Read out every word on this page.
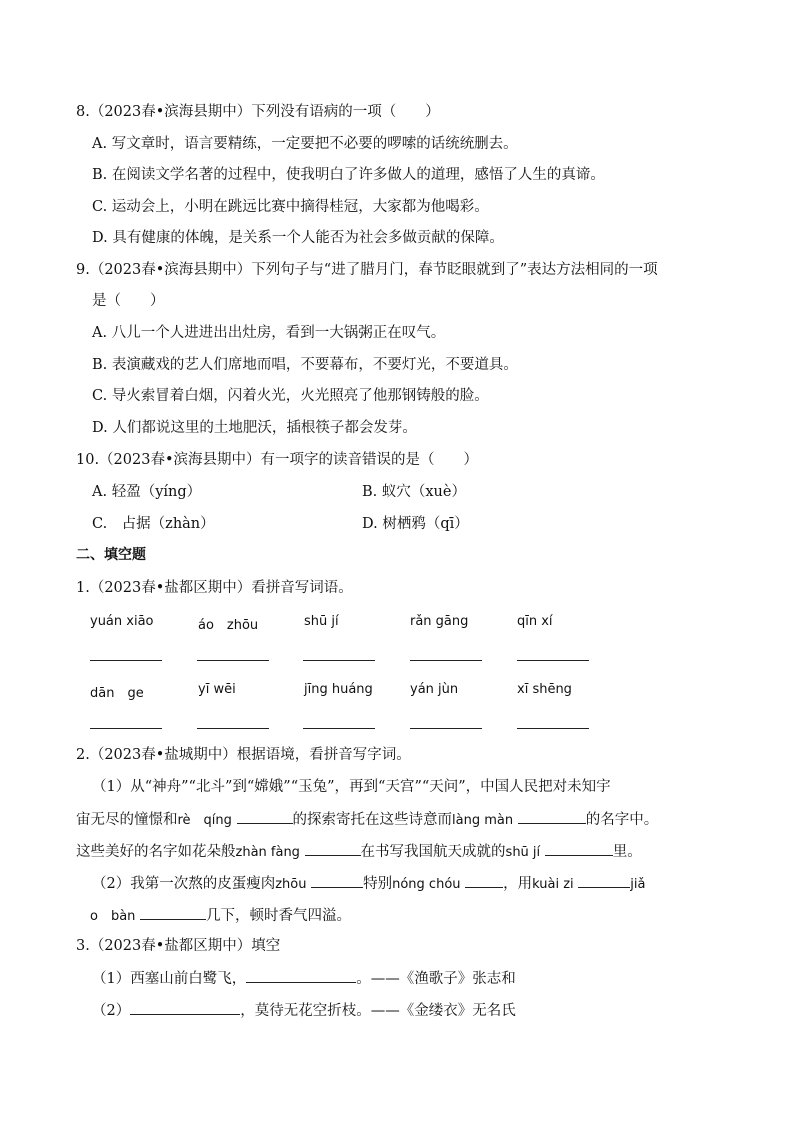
8.（2023春•滨海县期中）下列没有语病的一项（　　）
A. 写文章时，语言要精练，一定要把不必要的啰嗦的话统统删去。
B. 在阅读文学名著的过程中，使我明白了许多做人的道理，感悟了人生的真谛。
C. 运动会上，小明在跳远比赛中摘得桂冠，大家都为他喝彩。
D. 具有健康的体魄，是关系一个人能否为社会多做贡献的保障。
9.（2023春•滨海县期中）下列句子与“进了腊月门，春节眨眼就到了”表达方法相同的一项
是（　　）
A. 八儿一个人进进出出灶房，看到一大锅粥正在叹气。
B. 表演藏戏的艺人们席地而唱，不要幕布，不要灯光，不要道具。
C. 导火索冒着白烟，闪着火光，火光照亮了他那钢铸般的脸。
D. 人们都说这里的土地肥沃，插根筷子都会发芽。
10.（2023春•滨海县期中）有一项字的读音错误的是（　　）
A. 轻盈（yíng）	B. 蚁穴（xuè）
C.　占据（zhàn）	D. 树栖鸦（qī）
二、填空题
1.（2023春•盐都区期中）看拼音写词语。
yuán xiāo	áo　zhōu	shū jí	rǎn gāng	qīn xí
dān　ge	yī wēi	jīng huáng	yán jùn	xī shēng
2.（2023春•盐城期中）根据语境，看拼音写字词。
（1）从“神舟”“北斗”到“嫦娥”“玉兔”，再到“天宫”“天问”，中国人民把对未知宇
宙无尽的憧憬和rè　qíng	的探索寄托在这些诗意而làng màn	的名字中。
这些美好的名字如花朵般zhàn fàng	在书写我国航天成就的shū jí	里。
（2）我第一次熬的皮蛋瘦肉zhōu	特别nóng chóu	，用kuài zi	jiǎ
o　bàn	几下，顿时香气四溢。
3.（2023春•盐都区期中）填空
（1）西塞山前白鹭飞，	。——《渔歌子》张志和
（2）	，莫待无花空折枝。——《金缕衣》无名氏
